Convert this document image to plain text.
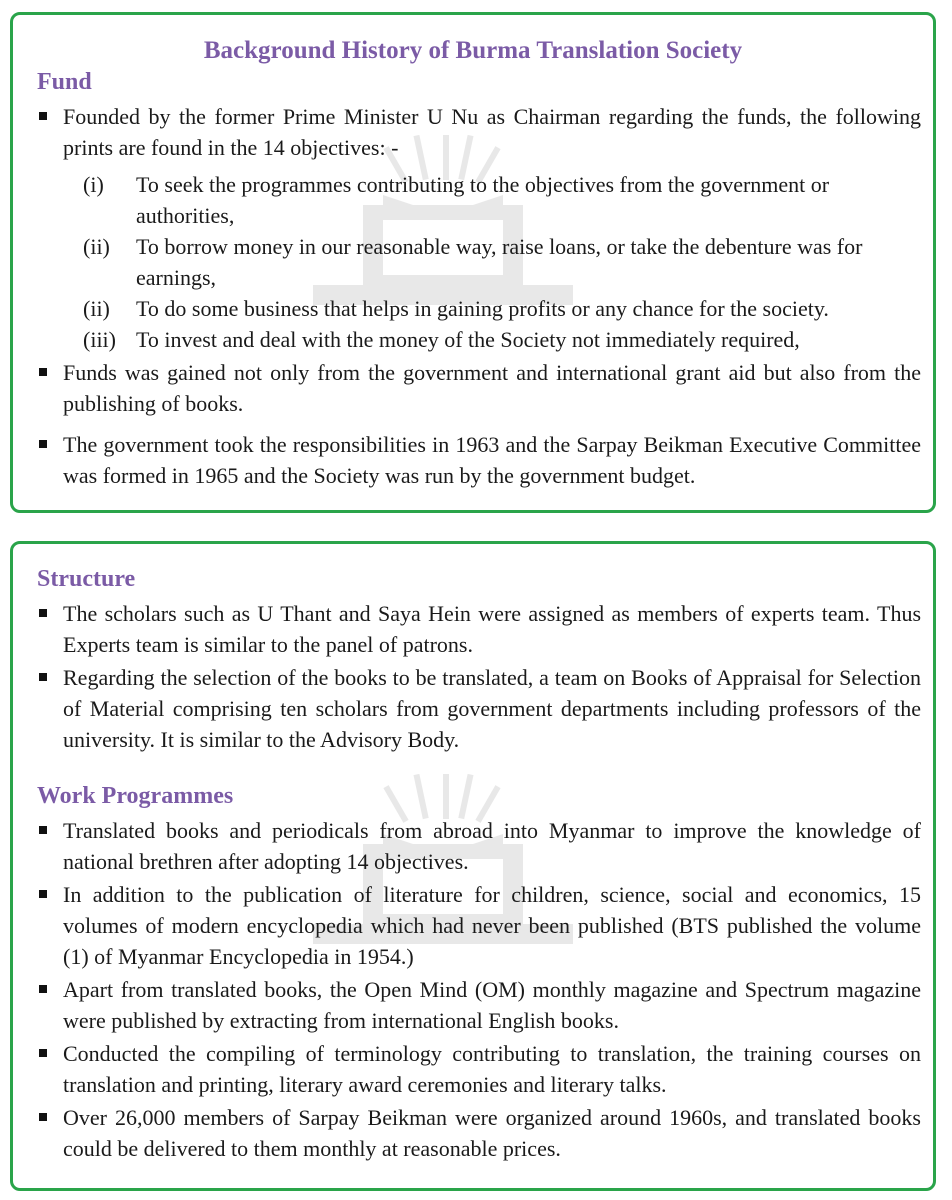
Background History of Burma Translation Society
Fund
Founded by the former Prime Minister U Nu as Chairman regarding the funds, the following prints are found in the 14 objectives: -
(i)	To seek the programmes contributing to the objectives from the government or authorities,
(ii)	To borrow money in our reasonable way, raise loans, or take the debenture was for earnings,
(ii)	To do some business that helps in gaining profits or any chance for the society.
(iii) To invest and deal with the money of the Society not immediately required,
Funds was gained not only from the government and international grant aid but also from the publishing of books.
The government took the responsibilities in 1963 and the Sarpay Beikman Executive Committee was formed in 1965 and the Society was run by the government budget.
Structure
The scholars such as U Thant and Saya Hein were assigned as members of experts team. Thus Experts team is similar to the panel of patrons.
Regarding the selection of the books to be translated, a team on Books of Appraisal for Selection of Material comprising ten scholars from government departments including professors of the university. It is similar to the Advisory Body.
Work Programmes
Translated books and periodicals from abroad into Myanmar to improve the knowledge of national brethren after adopting 14 objectives.
In addition to the publication of literature for children, science, social and economics, 15 volumes of modern encyclopedia which had never been published (BTS published the volume (1) of Myanmar Encyclopedia in 1954.)
Apart from translated books, the Open Mind (OM) monthly magazine and Spectrum magazine were published by extracting from international English books.
Conducted the compiling of terminology contributing to translation, the training courses on translation and printing, literary award ceremonies and literary talks.
Over 26,000 members of Sarpay Beikman were organized around 1960s, and translated books could be delivered to them monthly at reasonable prices.
